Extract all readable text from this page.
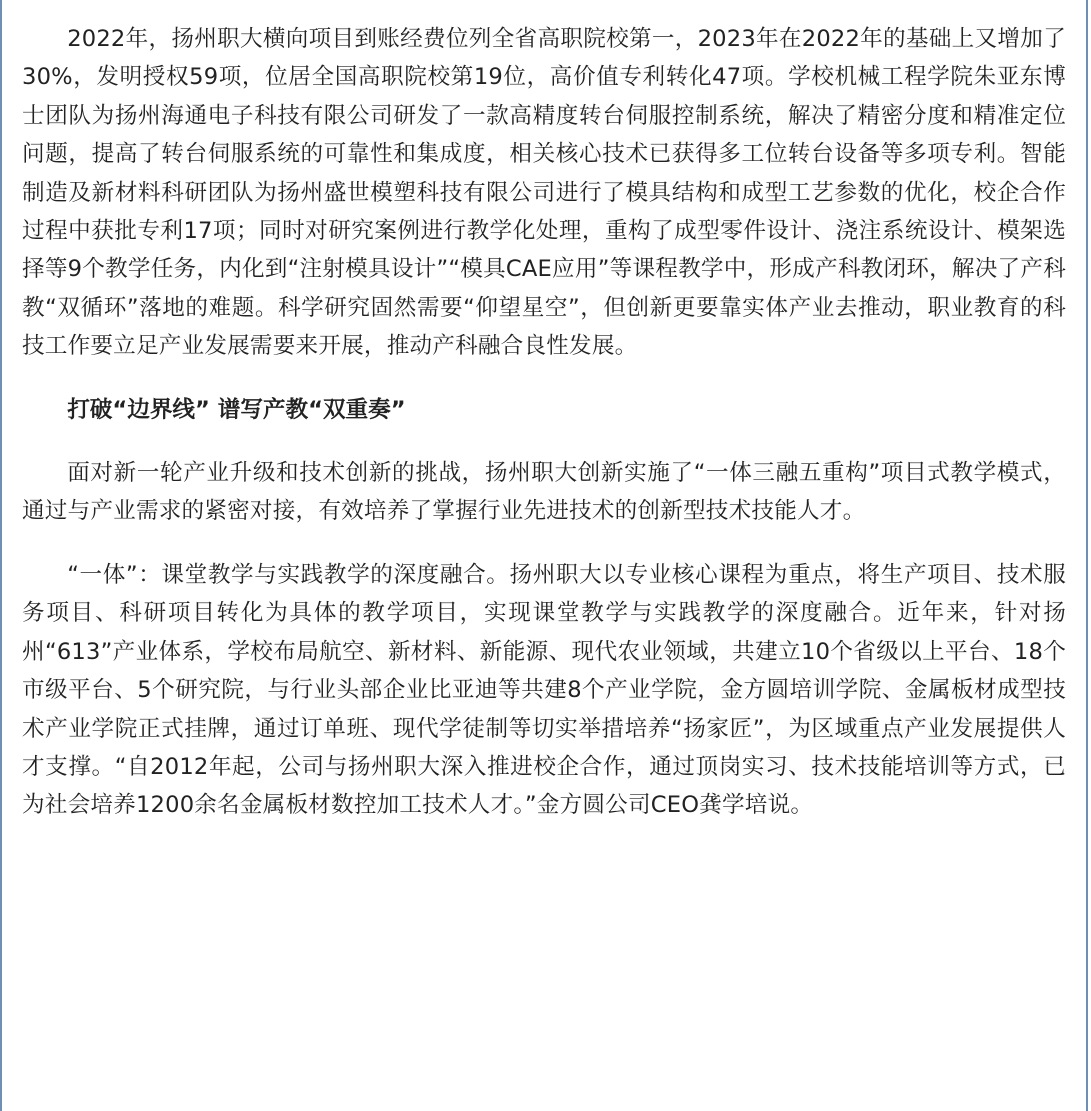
2022年，扬州职大横向项目到账经费位列全省高职院校第一，2023年在2022年的基础上又增加了30%，发明授权59项，位居全国高职院校第19位，高价值专利转化47项。学校机械工程学院朱亚东博士团队为扬州海通电子科技有限公司研发了一款高精度转台伺服控制系统，解决了精密分度和精准定位问题，提高了转台伺服系统的可靠性和集成度，相关核心技术已获得多工位转台设备等多项专利。智能制造及新材料科研团队为扬州盛世模塑科技有限公司进行了模具结构和成型工艺参数的优化，校企合作过程中获批专利17项；同时对研究案例进行教学化处理，重构了成型零件设计、浇注系统设计、模架选择等9个教学任务，内化到“注射模具设计”“模具CAE应用”等课程教学中，形成产科教闭环，解决了产科教“双循环”落地的难题。科学研究固然需要“仰望星空”，但创新更要靠实体产业去推动，职业教育的科技工作要立足产业发展需要来开展，推动产科融合良性发展。

打破“边界线” 谱写产教“双重奏”

面对新一轮产业升级和技术创新的挑战，扬州职大创新实施了“一体三融五重构”项目式教学模式，通过与产业需求的紧密对接，有效培养了掌握行业先进技术的创新型技术技能人才。

“一体”：课堂教学与实践教学的深度融合。扬州职大以专业核心课程为重点，将生产项目、技术服务项目、科研项目转化为具体的教学项目，实现课堂教学与实践教学的深度融合。近年来，针对扬州“613”产业体系，学校布局航空、新材料、新能源、现代农业领域，共建立10个省级以上平台、18个市级平台、5个研究院，与行业头部企业比亚迪等共建8个产业学院，金方圆培训学院、金属板材成型技术产业学院正式挂牌，通过订单班、现代学徒制等切实举措培养“扬家匠”，为区域重点产业发展提供人才支撑。“自2012年起，公司与扬州职大深入推进校企合作，通过顶岗实习、技术技能培训等方式，已为社会培养1200余名金属板材数控加工技术人才。”金方圆公司CEO龚学培说。
